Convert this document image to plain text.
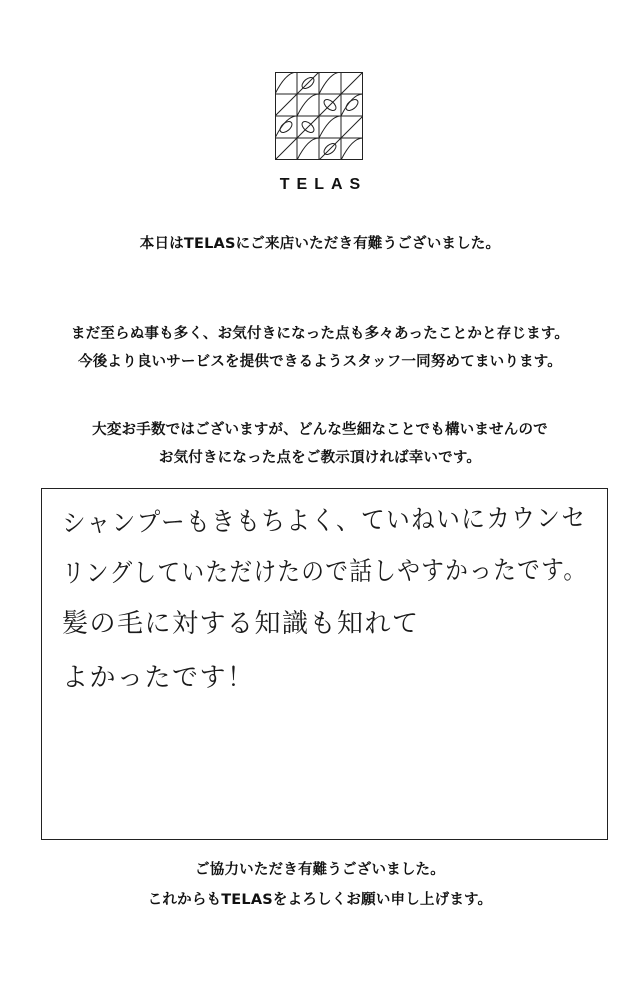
TELAS
本日はTELASにご来店いただき有難うございました。
まだ至らぬ事も多く、お気付きになった点も多々あったことかと存じます。
今後より良いサービスを提供できるようスタッフ一同努めてまいります。
大変お手数ではございますが、どんな些細なことでも構いませんので
お気付きになった点をご教示頂ければ幸いです。
シャンプーもきもちよく、ていねいにカウンセ
リングしていただけたので話しやすかったです。
髪の毛に対する知識も知れて
よかったです！
ご協力いただき有難うございました。
これからもTELASをよろしくお願い申し上げます。
